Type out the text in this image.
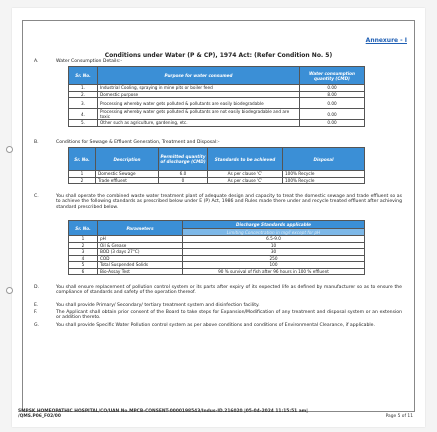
Annexure - I
Conditions under Water (P & CP), 1974 Act: (Refer Condition No. 5)
A.	Water Consumption Details:-
Sr. No.	Purpose for water consumed	Water consumption quantity (CMD)
1.	Industrial Cooling, spraying in mine pits or boiler feed	0.00
2.	Domestic purpose	8.00
3.	Processing whereby water gets polluted & pollutants are easily biodegradable	0.00
4.	Processing whereby water gets polluted & pollutants are not easily biodegradable and are toxic	0.00
5.	Other such as agriculture, gardening, etc.	0.00
B.	Conditions for Sewage & Effluent Generation, Treatment and Disposal:-
Sr. No.	Description	Permitted quantity of discharge (CMD)	Standards to be achieved	Disposal
1	Domestic Sewage	6.0	As per clause 'C'	100% Recycle
2	Trade effluent	0	As per clause 'C'	100% Recycle
C.	You shall operate the combined waste water treatment plant of adequate design and capacity to treat the domestic sewage and trade effluent so as to achieve the following standards as prescribed below under E (P) Act, 1986 and Rules made there under and recycle treated effluent after achieving standard prescribed below.
Sr. No.	Parameters	Discharge Standards applicable
		Limiting Concentration in mg/l except for pH
1	pH	6.5-9.0
2	Oil & Grease	10
3	BOD (3 days 27°C)	30
4	COD	250
5	Total Suspended Solids	100
6	Bio-Assay Test	90 % survival of fish after 96 hours in 100 % effluent
D.	You shall ensure replacement of pollution control system or its parts after expiry of its expected life as defined by manufacturer so as to ensure the compliance of standards and safety of the operation thereof.
E.	You shall provide Primary/ Secondary/ tertiary treatment system and disinfection facility.
F.	The Applicant shall obtain prior consent of the Board to take steps for Expansion/Modification of any treatment and disposal system or an extension or addition thereto.
G.	You shall provide Specific Water Pollution control system as per above conditions and conditions of Environmental Clearance, if applicable.
SMPSK HOMEOPATHIC HOSPITAL/CO/UAN No.MPCB-CONSENT-0000198543/Indus-ID.216020 |05-04-2024 11:15:51 am| /QMS.P06_F02/00	Page 5 of 11
